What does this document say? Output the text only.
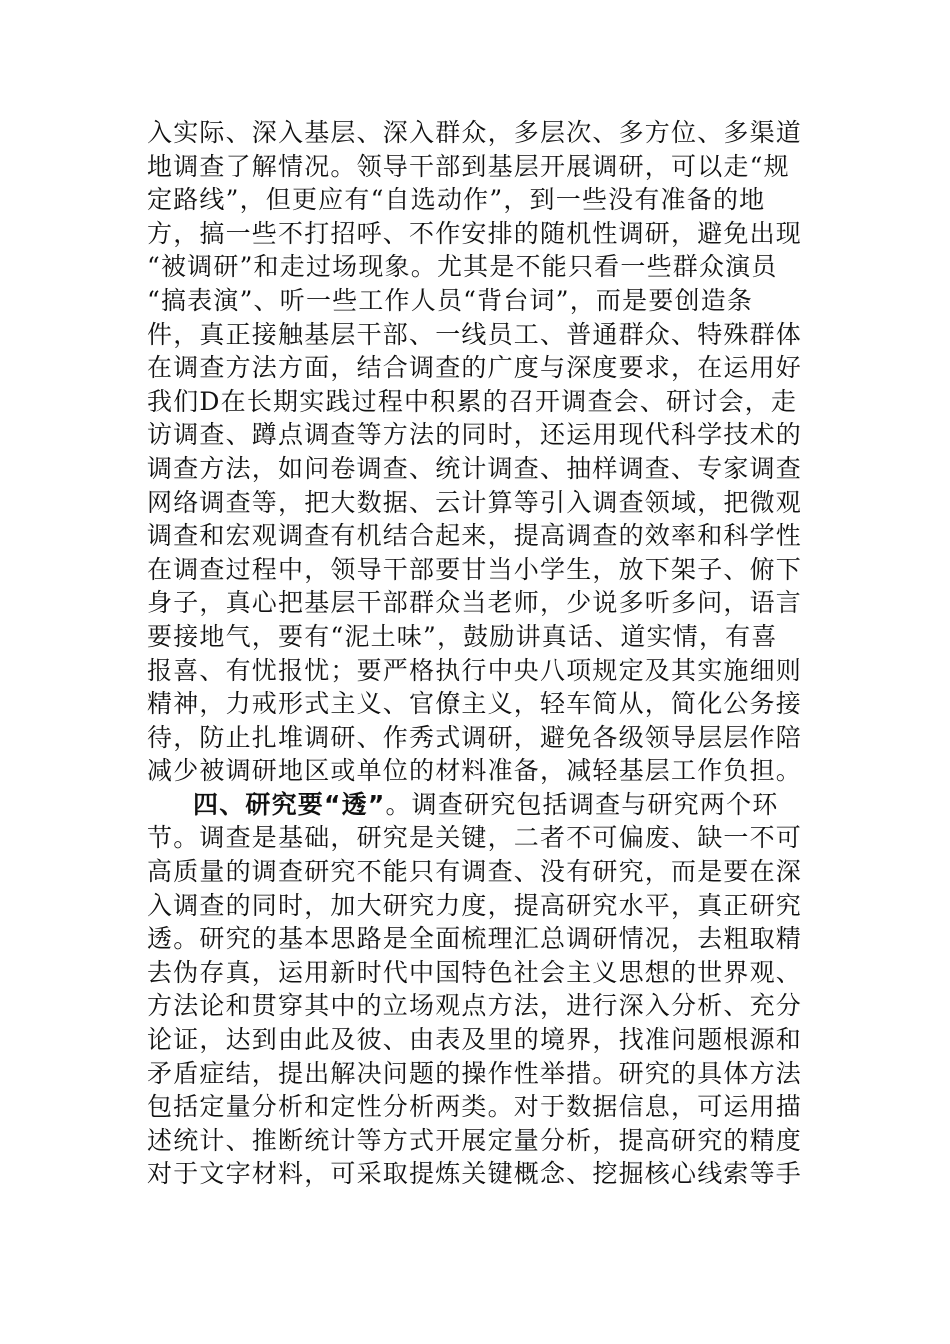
入实际、深入基层、深入群众，多层次、多方位、多渠道
地调查了解情况。领导干部到基层开展调研，可以走“规
定路线”，但更应有“自选动作”，到一些没有准备的地
方，搞一些不打招呼、不作安排的随机性调研，避免出现
“被调研”和走过场现象。尤其是不能只看一些群众演员
“搞表演”、听一些工作人员“背台词”，而是要创造条
件，真正接触基层干部、一线员工、普通群众、特殊群体
在调查方法方面，结合调查的广度与深度要求，在运用好
我们D在长期实践过程中积累的召开调查会、研讨会，走
访调查、蹲点调查等方法的同时，还运用现代科学技术的
调查方法，如问卷调查、统计调查、抽样调查、专家调查
网络调查等，把大数据、云计算等引入调查领域，把微观
调查和宏观调查有机结合起来，提高调查的效率和科学性
在调查过程中，领导干部要甘当小学生，放下架子、俯下
身子，真心把基层干部群众当老师，少说多听多问，语言
要接地气，要有“泥土味”，鼓励讲真话、道实情，有喜
报喜、有忧报忧；要严格执行中央八项规定及其实施细则
精神，力戒形式主义、官僚主义，轻车简从，简化公务接
待，防止扎堆调研、作秀式调研，避免各级领导层层作陪
减少被调研地区或单位的材料准备，减轻基层工作负担。
四、研究要“透”。调查研究包括调查与研究两个环
节。调查是基础，研究是关键，二者不可偏废、缺一不可
高质量的调查研究不能只有调查、没有研究，而是要在深
入调查的同时，加大研究力度，提高研究水平，真正研究
透。研究的基本思路是全面梳理汇总调研情况，去粗取精
去伪存真，运用新时代中国特色社会主义思想的世界观、
方法论和贯穿其中的立场观点方法，进行深入分析、充分
论证，达到由此及彼、由表及里的境界，找准问题根源和
矛盾症结，提出解决问题的操作性举措。研究的具体方法
包括定量分析和定性分析两类。对于数据信息，可运用描
述统计、推断统计等方式开展定量分析，提高研究的精度
对于文字材料，可采取提炼关键概念、挖掘核心线索等手
